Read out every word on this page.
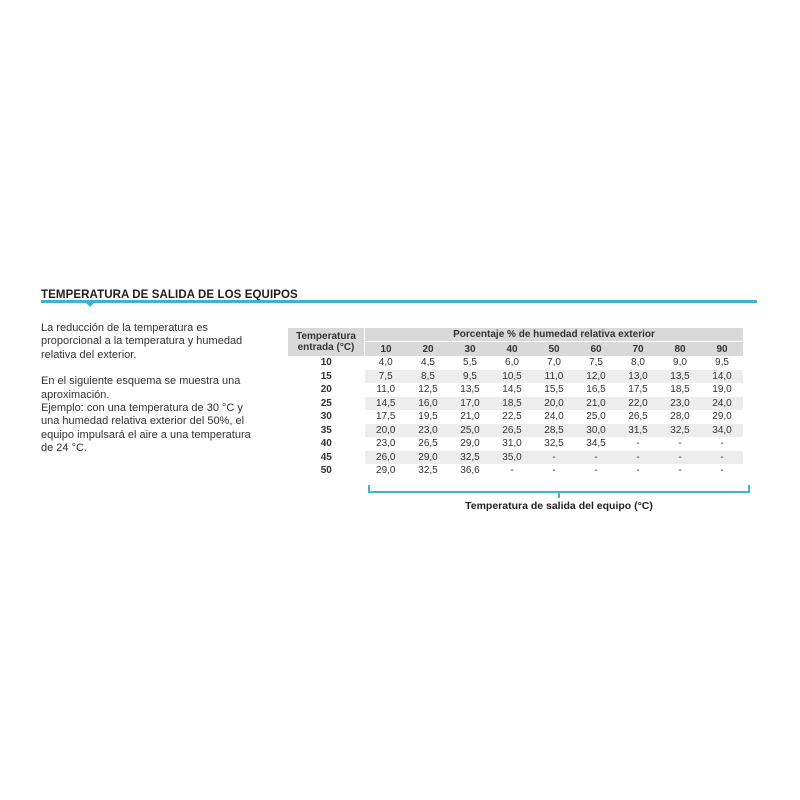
TEMPERATURA DE SALIDA DE LOS EQUIPOS

La reducción de la temperatura es proporcional a la temperatura y humedad relativa del exterior.

En el siguiente esquema se muestra una aproximación.

Ejemplo: con una temperatura de 30 °C y una humedad relativa exterior del 50%, el equipo impulsará el aire a una temperatura de 24 °C.

Temperatura entrada (°C)	Porcentaje % de humedad relativa exterior								
	10	20	30	40	50	60	70	80	90
10	4,0	4,5	5,5	6,0	7,0	7,5	8,0	9,0	9,5
15	7,5	8,5	9,5	10,5	11,0	12,0	13,0	13,5	14,0
20	11,0	12,5	13,5	14,5	15,5	16,5	17,5	18,5	19,0
25	14,5	16,0	17,0	18,5	20,0	21,0	22,0	23,0	24,0
30	17,5	19,5	21,0	22,5	24,0	25,0	26,5	28,0	29,0
35	20,0	23,0	25,0	26,5	28,5	30,0	31,5	32,5	34,0
40	23,0	26,5	29,0	31,0	32,5	34,5	-	-	-
45	26,0	29,0	32,5	35,0	-	-	-	-	-
50	29,0	32,5	36,6	-	-	-	-	-	-
Temperatura de salida del equipo (°C)
